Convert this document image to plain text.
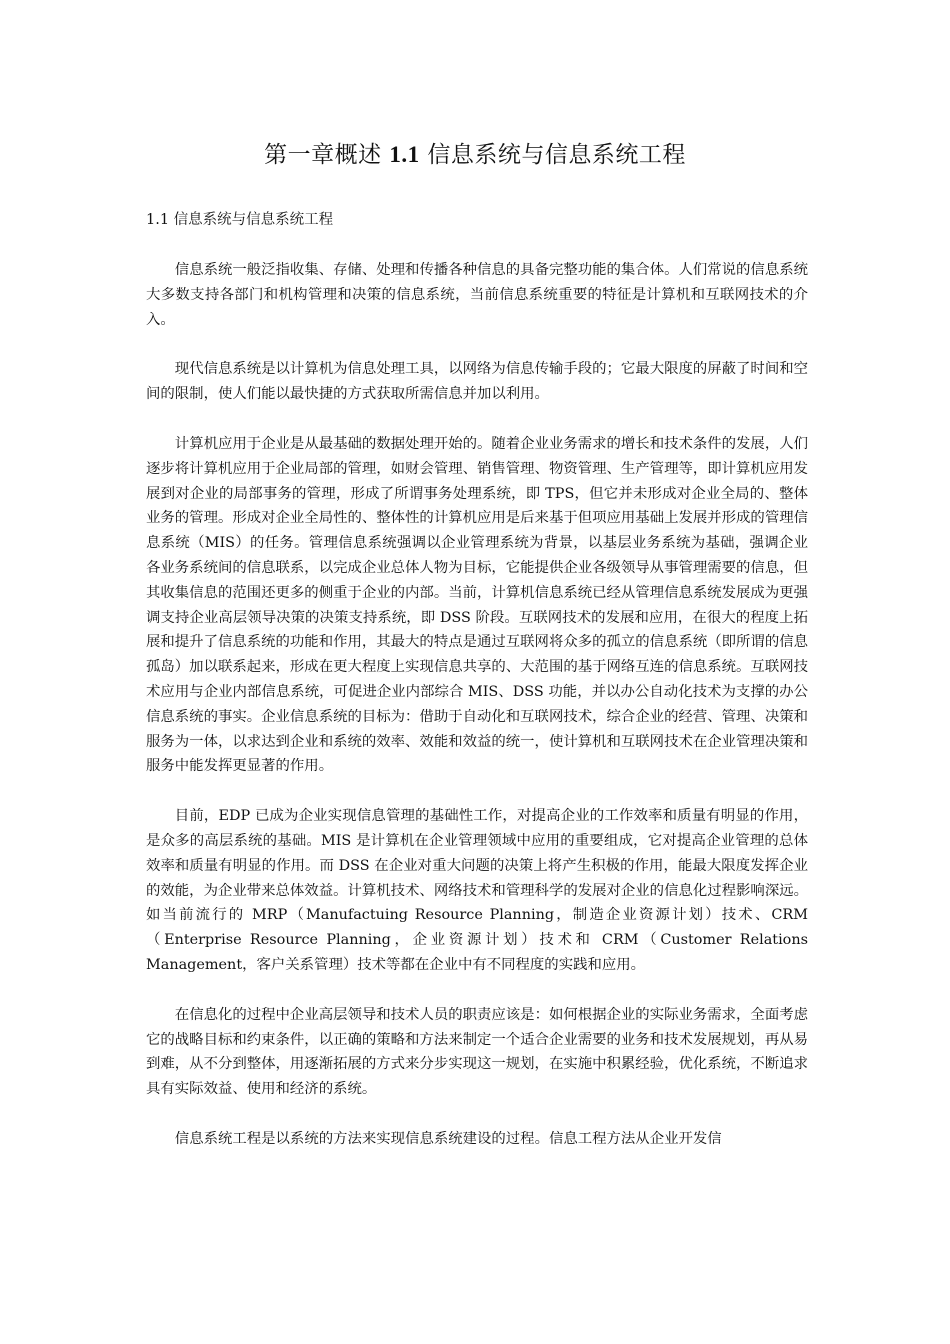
第一章概述 1.1 信息系统与信息系统工程
1.1 信息系统与信息系统工程

信息系统一般泛指收集、存储、处理和传播各种信息的具备完整功能的集合体。人们常说的信息系统大多数支持各部门和机构管理和决策的信息系统，当前信息系统重要的特征是计算机和互联网技术的介入。

现代信息系统是以计算机为信息处理工具，以网络为信息传输手段的；它最大限度的屏蔽了时间和空间的限制，使人们能以最快捷的方式获取所需信息并加以利用。

计算机应用于企业是从最基础的数据处理开始的。随着企业业务需求的增长和技术条件的发展，人们逐步将计算机应用于企业局部的管理，如财会管理、销售管理、物资管理、生产管理等，即计算机应用发展到对企业的局部事务的管理，形成了所谓事务处理系统，即 TPS，但它并未形成对企业全局的、整体业务的管理。形成对企业全局性的、整体性的计算机应用是后来基于但项应用基础上发展并形成的管理信息系统（MIS）的任务。管理信息系统强调以企业管理系统为背景，以基层业务系统为基础，强调企业各业务系统间的信息联系，以完成企业总体人物为目标，它能提供企业各级领导从事管理需要的信息，但其收集信息的范围还更多的侧重于企业的内部。当前，计算机信息系统已经从管理信息系统发展成为更强调支持企业高层领导决策的决策支持系统，即 DSS 阶段。互联网技术的发展和应用，在很大的程度上拓展和提升了信息系统的功能和作用，其最大的特点是通过互联网将众多的孤立的信息系统（即所谓的信息孤岛）加以联系起来，形成在更大程度上实现信息共享的、大范围的基于网络互连的信息系统。互联网技术应用与企业内部信息系统，可促进企业内部综合 MIS、DSS 功能，并以办公自动化技术为支撑的办公信息系统的事实。企业信息系统的目标为：借助于自动化和互联网技术，综合企业的经营、管理、决策和服务为一体，以求达到企业和系统的效率、效能和效益的统一，使计算机和互联网技术在企业管理决策和服务中能发挥更显著的作用。

目前，EDP 已成为企业实现信息管理的基础性工作，对提高企业的工作效率和质量有明显的作用，是众多的高层系统的基础。MIS 是计算机在企业管理领域中应用的重要组成，它对提高企业管理的总体效率和质量有明显的作用。而 DSS 在企业对重大问题的决策上将产生积极的作用，能最大限度发挥企业的效能，为企业带来总体效益。计算机技术、网络技术和管理科学的发展对企业的信息化过程影响深远。如当前流行的 MRP（Manufactuing Resource Planning，制造企业资源计划）技术、CRM（Enterprise Resource Planning，企业资源计划）技术和 CRM（Customer Relations Management，客户关系管理）技术等都在企业中有不同程度的实践和应用。

在信息化的过程中企业高层领导和技术人员的职责应该是：如何根据企业的实际业务需求，全面考虑它的战略目标和约束条件，以正确的策略和方法来制定一个适合企业需要的业务和技术发展规划，再从易到难，从不分到整体，用逐渐拓展的方式来分步实现这一规划，在实施中积累经验，优化系统，不断追求具有实际效益、使用和经济的系统。

信息系统工程是以系统的方法来实现信息系统建设的过程。信息工程方法从企业开发信
